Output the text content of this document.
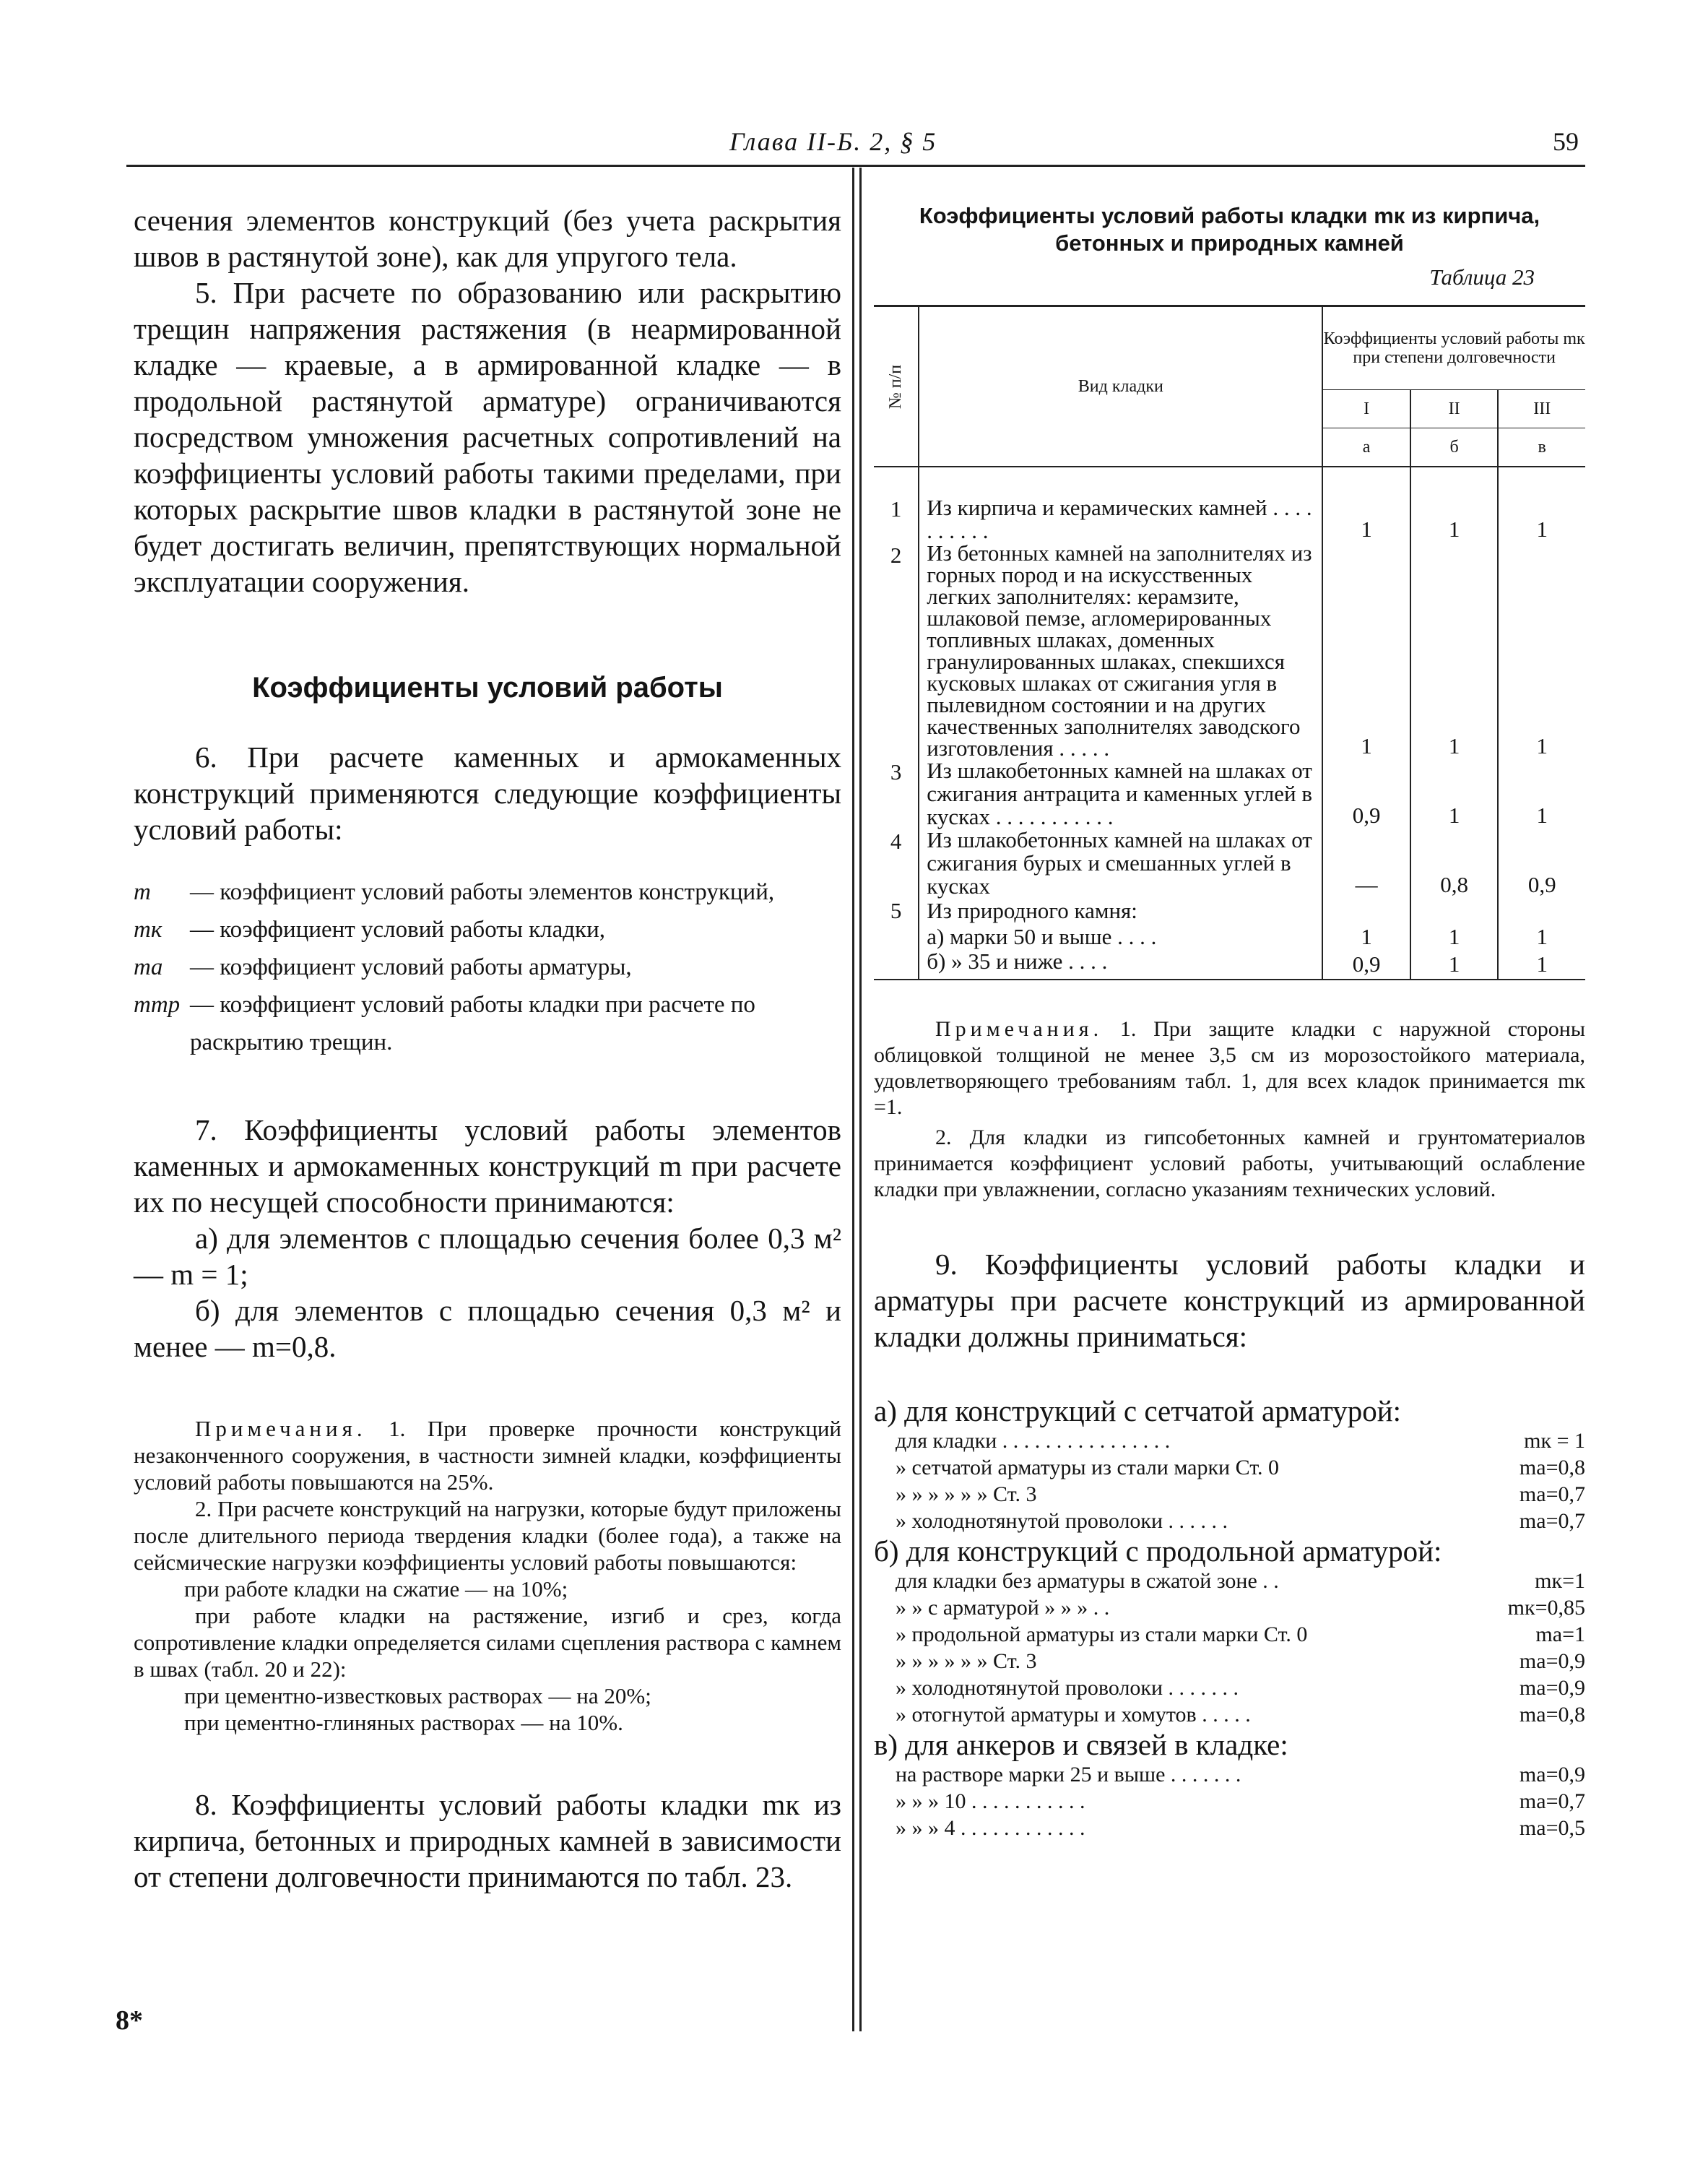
Глава II-Б. 2, § 5	59

сечения элементов конструкций (без учета раскрытия швов в растянутой зоне), как для упругого тела.

5. При расчете по образованию или раскрытию трещин напряжения растяжения (в неармированной кладке — краевые, а в армированной кладке — в продольной растянутой арматуре) ограничиваются посредством умножения расчетных сопротивлений на коэффициенты условий работы такими пределами, при которых раскрытие швов кладки в растянутой зоне не будет достигать величин, препятствующих нормальной эксплуатации сооружения.

Коэффициенты условий работы

6. При расчете каменных и армокаменных конструкций применяются следующие коэффициенты условий работы:

m	— коэффициент условий работы элементов конструкций,
mк	— коэффициент условий работы кладки,
mа	— коэффициент условий работы арматуры,
mтр — коэффициент условий работы кладки при расчете по раскрытию трещин.

7. Коэффициенты условий работы элементов каменных и армокаменных конструкций m при расчете их по несущей способности принимаются:

а) для элементов с площадью сечения более 0,3 м² — m = 1;

б) для элементов с площадью сечения 0,3 м² и менее — m=0,8.

Примечания. 1. При проверке прочности конструкций незаконченного сооружения, в частности зимней кладки, коэффициенты условий работы повышаются на 25%.

2. При расчете конструкций на нагрузки, которые будут приложены после длительного периода твердения кладки (более года), а также на сейсмические нагрузки коэффициенты условий работы повышаются:

при работе кладки на сжатие — на 10%;

при работе кладки на растяжение, изгиб и срез, когда сопротивление кладки определяется силами сцепления раствора с камнем в швах (табл. 20 и 22):

при цементно-известковых растворах — на 20%;

при цементно-глиняных растворах — на 10%.

8. Коэффициенты условий работы кладки mк из кирпича, бетонных и природных камней в зависимости от степени долговечности принимаются по табл. 23.

8*

Коэффициенты условий работы кладки mк из кирпича, бетонных и природных камней

Таблица 23

№ п/п	Вид кладки	Коэффициенты условий работы mк при степени долговечности		
		I	II	III
		а	б	в

1	Из кирпича и керамических камней . . . . . . . . . .	1	1	1
2	Из бетонных камней на заполнителях из горных пород и на искусственных легких заполнителях: керамзите, шлаковой пемзе, агломерированных топливных шлаках, доменных гранулированных шлаках, спекшихся кусковых шлаках от сжигания угля в пылевидном состоянии и на других качественных заполнителях заводского изготовления . . . . .	1	1	1
3	Из шлакобетонных камней на шлаках от сжигания антрацита и каменных углей в кусках . . . . . . . . . . .	0,9	1	1
4	Из шлакобетонных камней на шлаках от сжигания бурых и смешанных углей в кусках	—	0,8	0,9
5	Из природного камня:			
	а) марки 50 и выше . . . .	1	1	1
	б) » 35 и ниже . . . .	0,9	1	1

Примечания. 1. При защите кладки с наружной стороны облицовкой толщиной не менее 3,5 см из морозостойкого материала, удовлетворяющего требованиям табл. 1, для всех кладок принимается mк =1.

2. Для кладки из гипсобетонных камней и грунтоматериалов принимается коэффициент условий работы, учитывающий ослабление кладки при увлажнении, согласно указаниям технических условий.

9. Коэффициенты условий работы кладки и арматуры при расчете конструкций из армированной кладки должны приниматься:

а) для конструкций с сетчатой арматурой:

для кладки . . . . . . . . . . . . . . . .	mк = 1
» сетчатой арматуры из стали марки Ст. 0	mа=0,8
» » » » » » Ст. 3	mа=0,7
» холоднотянутой проволоки . . . . . .	mа=0,7

б) для конструкций с продольной арматурой:

для кладки без арматуры в сжатой зоне . .	mк=1
» » с арматурой » » » . .	mк=0,85
» продольной арматуры из стали марки Ст. 0	mа=1
» » » » » » Ст. 3	mа=0,9
» холоднотянутой проволоки . . . . . . .	mа=0,9
» отогнутой арматуры и хомутов . . . . .	mа=0,8

в) для анкеров и связей в кладке:

на растворе марки 25 и выше . . . . . . .	mа=0,9
» » » 10 . . . . . . . . . . .	mа=0,7
» » » 4 . . . . . . . . . . . .	mа=0,5
